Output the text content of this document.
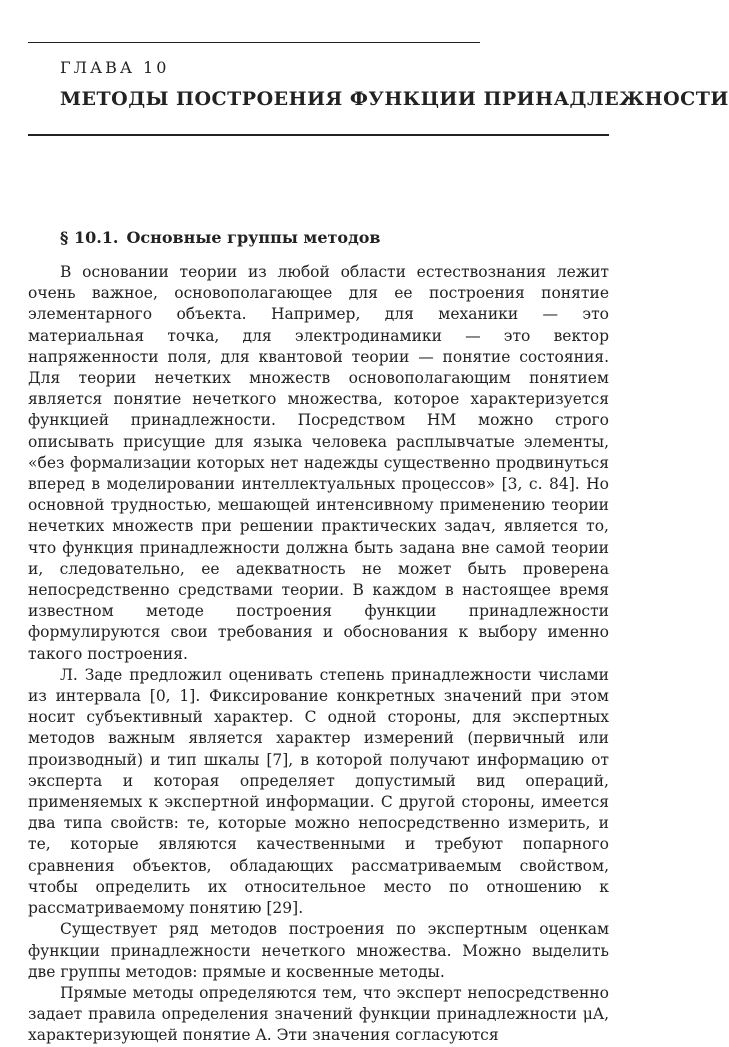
ГЛАВА 10
МЕТОДЫ ПОСТРОЕНИЯ ФУНКЦИИ ПРИНАДЛЕЖНОСТИ
§ 10.1. Основные группы методов

В основании теории из любой области естествознания лежит очень важное, основополагающее для ее построения понятие элементарного объекта. Например, для механики — это материальная точка, для электродинамики — это вектор напряженности поля, для квантовой теории — понятие состояния. Для теории нечетких множеств основополагающим понятием является понятие нечеткого множества, которое характеризуется функцией принадлежности. Посредством НМ можно строго описывать присущие для языка человека расплывчатые элементы, «без формализации которых нет надежды существенно продвинуться вперед в моделировании интеллектуальных процессов» [3, с. 84]. Но основной трудностью, мешающей интенсивному применению теории нечетких множеств при решении практических задач, является то, что функция принадлежности должна быть задана вне самой теории и, следовательно, ее адекватность не может быть проверена непосредственно средствами теории. В каждом в настоящее время известном методе построения функции принадлежности формулируются свои требования и обоснования к выбору именно такого построения.

Л. Заде предложил оценивать степень принадлежности числами из интервала [0, 1]. Фиксирование конкретных значений при этом носит субъективный характер. С одной стороны, для экспертных методов важным является характер измерений (первичный или производный) и тип шкалы [7], в которой получают информацию от эксперта и которая определяет допустимый вид операций, применяемых к экспертной информации. С другой стороны, имеется два типа свойств: те, которые можно непосредственно измерить, и те, которые являются качественными и требуют попарного сравнения объектов, обладающих рассматриваемым свойством, чтобы определить их относительное место по отношению к рассматриваемому понятию [29].

Существует ряд методов построения по экспертным оценкам функции принадлежности нечеткого множества. Можно выделить две группы методов: прямые и косвенные методы.

Прямые методы определяются тем, что эксперт непосредственно задает правила определения значений функции принадлежности μA, характеризующей понятие A. Эти значения согласуются
